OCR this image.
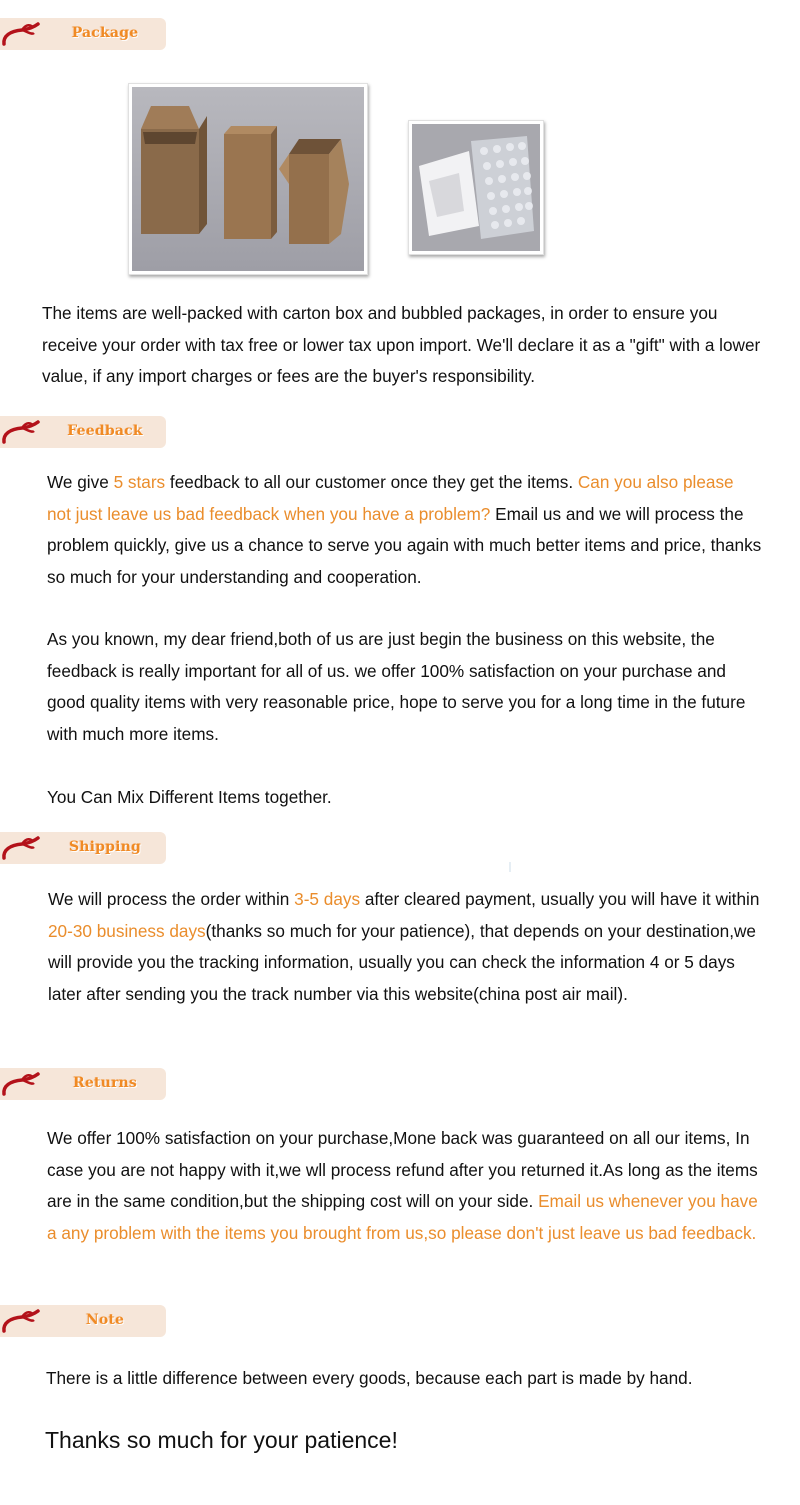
Package

The items are well-packed with carton box and bubbled packages, in order to ensure you receive your order with tax free or lower tax upon import. We'll declare it as a "gift" with a lower value, if any import charges or fees are the buyer's responsibility.

Feedback

We give 5 stars feedback to all our customer once they get the items. Can you also please not just leave us bad feedback when you have a problem? Email us and we will process the problem quickly, give us a chance to serve you again with much better items and price, thanks so much for your understanding and cooperation.

As you known, my dear friend,both of us are just begin the business on this website, the feedback is really important for all of us. we offer 100% satisfaction on your purchase and good quality items with very reasonable price, hope to serve you for a long time in the future with much more items.

You Can Mix Different Items together.

Shipping

We will process the order within 3-5 days after cleared payment, usually you will have it within 20-30 business days(thanks so much for your patience), that depends on your destination,we will provide you the tracking information, usually you can check the information 4 or 5 days later after sending you the track number via this website(china post air mail).

Returns

We offer 100% satisfaction on your purchase,Mone back was guaranteed on all our items, In case you are not happy with it,we wll process refund after you returned it.As long as the items are in the same condition,but the shipping cost will on your side. Email us whenever you have a any problem with the items you brought from us,so please don't just leave us bad feedback.

Note

There is a little difference between every goods, because each part is made by hand.

Thanks so much for your patience!
